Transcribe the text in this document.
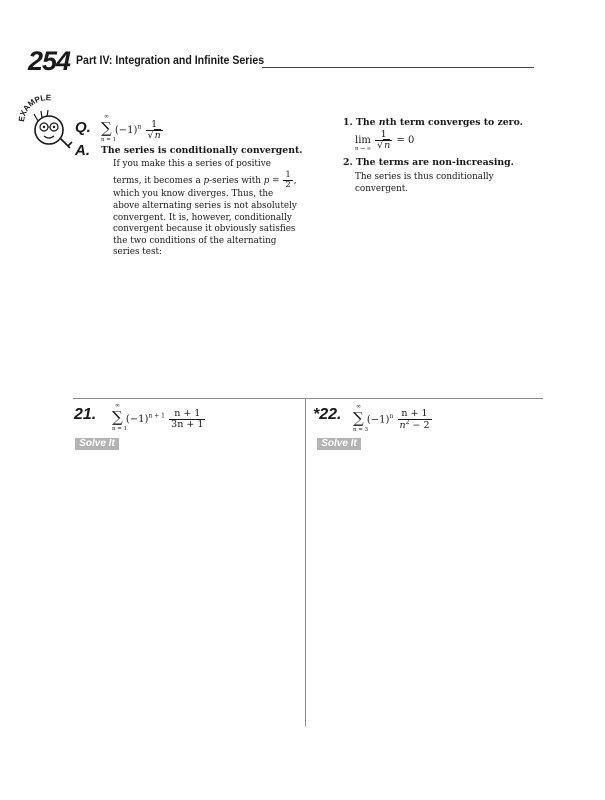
254 Part IV: Integration and Infinite Series
EXAMPLE
Q.
∞
∑
n = 1
$(-1)^n \frac{1}{√n}$
A. The series is conditionally convergent.
If you make this a series of positive
terms, it becomes a p-series with $p = \frac{1}{2}$ ,
which you know diverges. Thus, the
above alternating series is not absolutely
convergent. It is, however, conditionally
convergent because it obviously satisfies
the two conditions of the alternating
series test:
1. The nth term converges to zero.
lim
n → ∞
$\frac{1}{√n} = 0$
2. The terms are non-increasing.
The series is thus conditionally
convergent.
21.
∞
∑
n = 1
$(-1)^{n + 1} \frac{n + 1}{3n + 1}$
Solve It
*22. ∞
∑
n = 3
$(-1)^n \frac{n + 1}{n^2 - 2}$
Solve It
